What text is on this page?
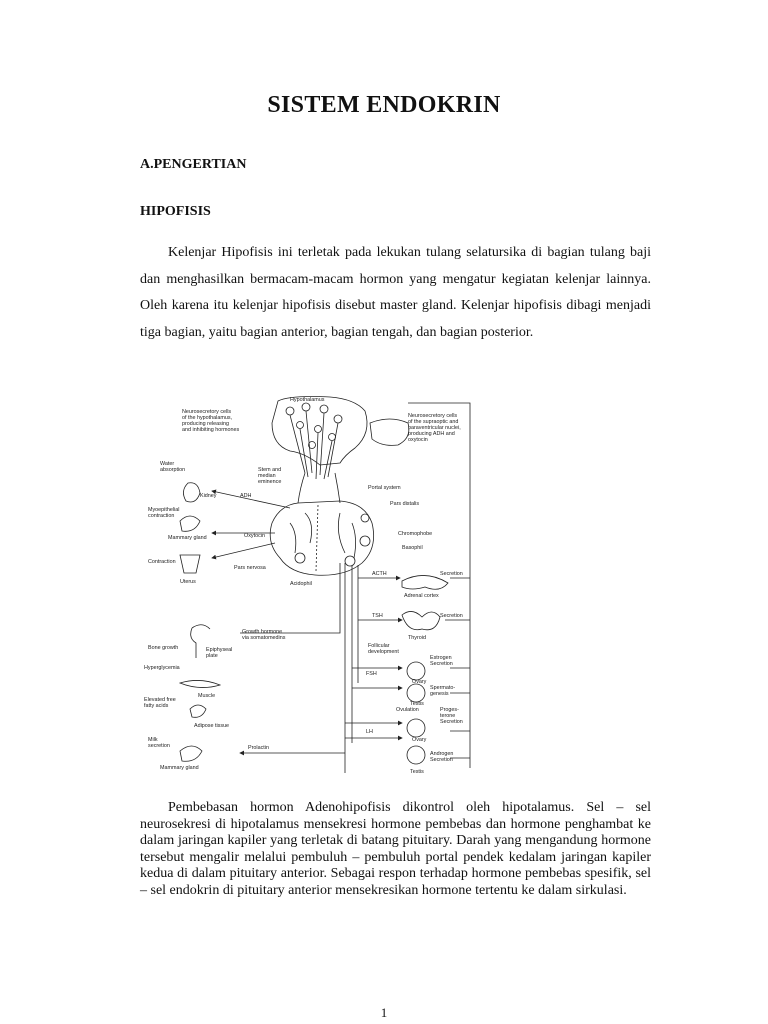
SISTEM ENDOKRIN
A.PENGERTIAN
HIPOFISIS
Kelenjar Hipofisis ini terletak pada lekukan tulang selatursika di bagian tulang baji dan menghasilkan bermacam-macam hormon yang mengatur kegiatan kelenjar lainnya. Oleh karena itu kelenjar hipofisis disebut master gland. Kelenjar hipofisis dibagi menjadi tiga bagian, yaitu bagian anterior, bagian tengah, dan bagian posterior.
Hypothalamus
Neurosecretory cells
of the hypothalamus,
producing releasing
and inhibiting hormones
Neurosecretory cells
of the supraoptic and
paraventricular nuclei,
producing ADH and
oxytocin
Water
absorption	Stem and
median
eminence
Kidney	ADH
Portal system
Pars distalis
Myoepithelial
contraction
Mammary gland	Oxytocin	Chromophobe
Basophil
Contraction
Uterus
Pars nervosa
Acidophil
ACTH	Secretion
Adrenal cortex
TSH	Secretion
Thyroid
Growth hormone
via somatomedins
Bone growth	Epiphyseal
plate
Follicular
development
Estrogen
Secretion
Hyperglycemia
FSH
Ovary
Muscle
Spermato-
genesis
Elevated free
fatty acids	Testis
Ovulation	Proges-
terone
Secretion
Adipose tissue
LH
Ovary
Milk
secretion	Prolactin
Mammary gland
Androgen
Secretion
Testis
Pembebasan hormon Adenohipofisis dikontrol oleh hipotalamus. Sel – sel neurosekresi di hipotalamus mensekresi hormone pembebas dan hormone penghambat ke dalam jaringan kapiler yang terletak di batang pituitary. Darah yang mengandung hormone tersebut mengalir melalui pembuluh – pembuluh portal pendek kedalam jaringan kapiler kedua di dalam pituitary anterior. Sebagai respon terhadap hormone pembebas spesifik, sel – sel endokrin di pituitary anterior mensekresikan hormone tertentu ke dalam sirkulasi.
1
